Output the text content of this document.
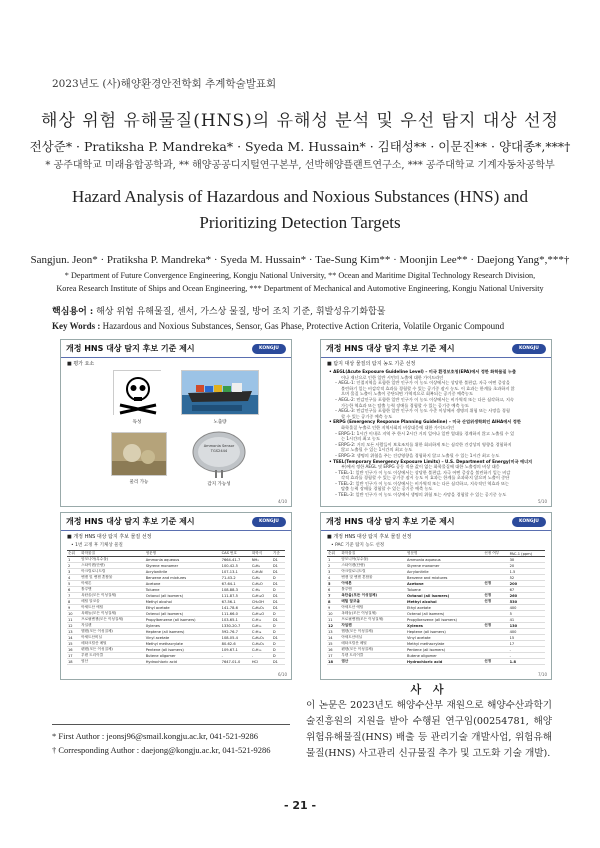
2023년도 (사)해양환경안전학회 추계학술발표회
해상 위험 유해물질(HNS)의 유해성 분석 및 우선 탐지 대상 선정
전상준* · Pratiksha P. Mandreka* · Syeda M. Hussain* · 김태성** · 이문진** · 양대종*,***†
* 공주대학교 미래융합공학과, ** 해양공공디지털연구본부, 선박해양플랜트연구소, *** 공주대학교 기계자동차공학부
Hazard Analysis of Hazardous and Noxious Substances (HNS) and
Prioritizing Detection Targets
Sangjun. Jeon* · Pratiksha P. Mandreka* · Syeda M. Hussain* · Tae-Sung Kim** · Moonjin Lee** · Daejong Yang*,***†
* Department of Future Convergence Engineering, Kongju National University, ** Ocean and Maritime Digital Technology Research Division,
Korea Research Institute of Ships and Ocean Engineering, *** Department of Mechanical and Automotive Engineering, Kongju National University
핵심용어 : 해상 위험 유해물질, 센서, 가스상 물질, 방어 조치 기준, 휘발성유기화합물
Key Words : Hazardous and Noxious Substances, Sensor, Gas Phase, Protective Action Criteria, Volatile Organic Compound
개정 HNS 대상 탐지 후보 기준 제시	KONGJU
■ 평가 요소
독성	노출량
물리 가능
Ammonia Sensor TGS2444
감지 가능성
4/10
개정 HNS 대상 탐지 후보 기준 제시	KONGJU
■ 탐지 대상 물질의 탐지 농도 기준 선정
• AEGL(Acute Exposure Guideline Level) – 미국 환경보호청(EPA)에서 정한 화학물질 누출
이나 재난으로 인한 일반 시민의 노출에 대한 가이드라인
– AEGL-1: 인접지역을 포함한 일반 인구가 이 농도 이상에서는 상당한 불편감, 자극 어떤 증상을
볼린하기 일는 비감각적 효과를 경험할 수 있는 공기중 잠시 농도. 이 효과는 한계를 초과하지 않
으며 물질 노출이 노출이 중단되면 가역적으로 회복되는 공기중 예측농도
– AEGL-2: 민감인구를 포함한 일반 인구가 이 농도 이상에서는 비가역적 또는 다른 심각하고, 지속
가능한 역효과 또는 탈출 능력 장애를 경험할 수 있는 공기중 예측 농도
– AEGL-3: 민감인구를 포함한 일반 인구가 이 농도 수준 이상에서 생명의 위험 또는 사망을 경험
할 수 있는 공기중 예측 농도
• ERPG (Emergency Response Planning Guideline) – 미국 산업위생학회인 AIHA에서 정한
화학물질 누출로 인한 지역사회의 비상대응에 대한 가이드라인
– ERPG-1: 1시간 이내로 지역 주 한시 2시간 거의 일어나 일반 열대를 경계하지 않고 노출될 수 있
는 1시간의 최고 농도
– ERPG-2: 거의 모든 사람들이 보호조치를 위한 회피하게 또는 심각한 건강상의 영향을 경험하지
않고 노출될 수 있는 1시간의 최고 농도
– ERPG-3: 생명의 위협을 주는 건강영향을 경험하지 않고 노출될 수 있는 1시간 최고 농도
• TEEL(Temporary Emergency Exposure Limits) – U.S. Department of Energy(미국 에너지
부)에서 정한 AEGL 및 ERPG 공동 적용 값이 없는 화학물질에 대한 노출정의 비상 대응
– TEEL-1: 일반 인구가 이 농도 이상에서는 상당한 불편감, 자극 어떤 증상을 볼린하기 일는 비감
각적 효과를 경험할 수 있는 공기중 잠시 농도 이 효과는 한계를 초과하지 않으며 노출이 중단
– TEEL-2: 일반 인구가 이 농도 이상에서는 비가역적 또는 다른 심각하고, 지속적인 역효과 또는
탈출 능력 장애를 경험할 수 있는 공기중 예측 농도
– TEEL-3: 일반 인구가 이 농도 이상에서 생명의 위험 또는 사망을 경험할 수 있는 공기중 농도
5/10
개정 HNS 대상 탐지 후보 기준 제시	KONGJU
■ 개정 HNS 대상 탐지 후보 물질 선정
• 1번 고정 후 기체상 물질
순위	화학물질	영문명	CAS 번호	화학식	기준
1	암모니아(무수물)	Ammonia aqueous	7664-41-7	NH₃	D1
2	스타이렌(단량)	Styrene monomer	100-42-5	C₈H₈	D1
3	아크릴로니트릴	Acrylonitrile	107-13-1	C₃H₃N	D1
4	벤젠 및 벤젠 혼합물	Benzene and mixtures	71-43-2	C₆H₆	D
5	아세톤	Acetone	67-64-1	C₃H₆O	D1
6	톨루엔	Toluene	108-88-3	C₇H₈	D
7	옥탄올(모든 이성질체)	Octanol (all isomers)	111-87-5	C₈H₁₈O	D1
8	메틸 알코올	Methyl alcohol	67-56-1	CH₃OH	D1
9	아세트산 에틸	Ethyl acetate	141-78-6	C₄H₈O₂	D1
10	옥테놀(모든 이성질체)	Octenol (all isomers)	111-66-0	C₈H₁₆O	D
11	프로필벤젠(모든 이성질체)	Propylbenzene (all isomers)	103-65-1	C₉H₁₂	D1
12	자일렌	Xylenes	1330-20-7	C₈H₁₀	D
13	헵텐(모든 이성질체)	Heptene (all isomers)	592-76-7	C₇H₁₄	D
14	아세트산비닐	Vinyl acetate	108-05-4	C₄H₆O₂	D1
15	메타크릴산 메틸	Methyl methacrylate	80-62-6	C₅H₈O₂	D
16	펜텐(모든 이성질체)	Pentene (all isomers)	109-67-1	C₅H₁₀	D
17	부텐 트리이클	Butene oligomer	-	-	D
18	염산	Hydrochloric acid	7647-01-0	HCl	D1
6/10
개정 HNS 대상 탐지 후보 기준 제시	KONGJU
■ 개정 HNS 대상 탐지 후보 물질 선정
• PAC 기준 탐지 농도 선정
순위	화학물질	영문명	선정 여부	PAC-1 (ppm)
1	암모니아(무수물)	Ammonia aqueous		30
2	스타이렌(단량)	Styrene monomer		20
3	아크릴로니트릴	Acrylonitrile		1.5
4	벤젠 및 벤젠 혼합물	Benzene and mixtures		52
5	아세톤	Acetone	선정	200
6	톨루엔	Toluene		67
7	옥탄올(모든 이성질체)	Octanol (all isomers)	선정	260
8	메틸 알코올	Methyl alcohol	선정	530
9	아세트산 에틸	Ethyl acetate		400
10	옥테놀(모든 이성질체)	Octenol (all isomers)		5
11	프로필벤젠(모든 이성질체)	Propylbenzene (all isomers)		41
12	자일렌	Xylenes	선정	130
13	헵텐(모든 이성질체)	Heptene (all isomers)		400
14	아세트산비닐	Vinyl acetate		15
15	메타크릴산 메틸	Methyl methacrylate		17
16	펜텐(모든 이성질체)	Pentene (all isomers)		-
17	부텐 트리이클	Butene oligomer		-
18	염산	Hydrochloric acid	선정	1.8
7/10
사 사
이 논문은 2023년도 해양수산부 재원으로 해양수산과학기술진흥원의 지원을 받아 수행된 연구임(00254781, 해양 위험유해물질(HNS) 배출 등 관리기술 개발사업, 위험유해물질(HNS) 사고관리 신규물질 추가 및 고도화 기술 개발).
* First Author : jeonsj96@smail.kongju.ac.kr, 041-521-9286
† Corresponding Author : daejong@kongju.ac.kr, 041-521-9286
- 21 -
